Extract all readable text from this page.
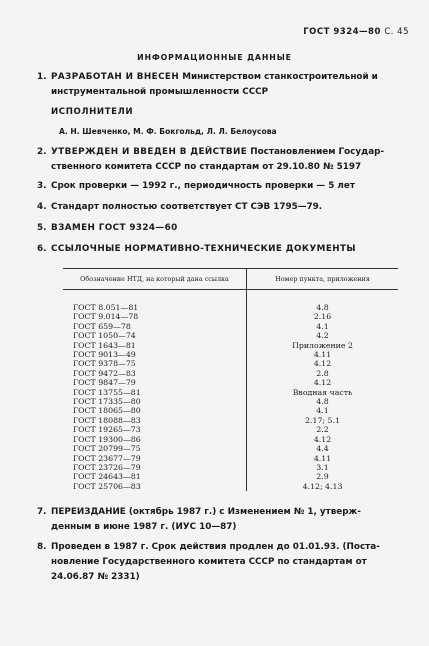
ГОСТ 9324—80 С. 45
ИНФОРМАЦИОННЫЕ ДАННЫЕ
1. РАЗРАБОТАН И ВНЕСЕН Министерством станкостроительной и
инструментальной промышленности СССР
ИСПОЛНИТЕЛИ
А. Н. Шевченко, М. Ф. Бокгольд, Л. Л. Белоусова
2. УТВЕРЖДЕН И ВВЕДЕН В ДЕЙСТВИЕ Постановлением Государ-
ственного комитета СССР по стандартам от 29.10.80 № 5197
3. Срок проверки — 1992 г., периодичность проверки — 5 лет
4. Стандарт полностью соответствует СТ СЭВ 1795—79.
5. ВЗАМЕН ГОСТ 9324—60
6. ССЫЛОЧНЫЕ НОРМАТИВНО-ТЕХНИЧЕСКИЕ ДОКУМЕНТЫ
Обозначение НТД, на который дана ссылка	Номер пункта, приложения

ГОСТ 8.051—81	4.8
ГОСТ 9.014—78	2.16
ГОСТ 659—78	4.1
ГОСТ 1050—74	4.2
ГОСТ 1643—81	Приложение 2
ГОСТ 9013—49	4.11
ГОСТ 9378—75	4.12
ГОСТ 9472—83	2.8
ГОСТ 9847—79	4.12
ГОСТ 13755—81	Вводная часть
ГОСТ 17335—80	4.8
ГОСТ 18065—80	4.1
ГОСТ 18088—83	2.17; 5.1
ГОСТ 19265—73	2.2
ГОСТ 19300—86	4.12
ГОСТ 20799—75	4.4
ГОСТ 23677—79	4.11
ГОСТ 23726—79	3.1
ГОСТ 24643—81	2.9
ГОСТ 25706—83	4.12; 4.13
7. ПЕРЕИЗДАНИЕ (октябрь 1987 г.) с Изменением № 1, утверж-
денным в июне 1987 г. (ИУС 10—87)
8. Проведен в 1987 г. Срок действия продлен до 01.01.93. (Поста-
новление Государственного комитета СССР по стандартам от
24.06.87 № 2331)
